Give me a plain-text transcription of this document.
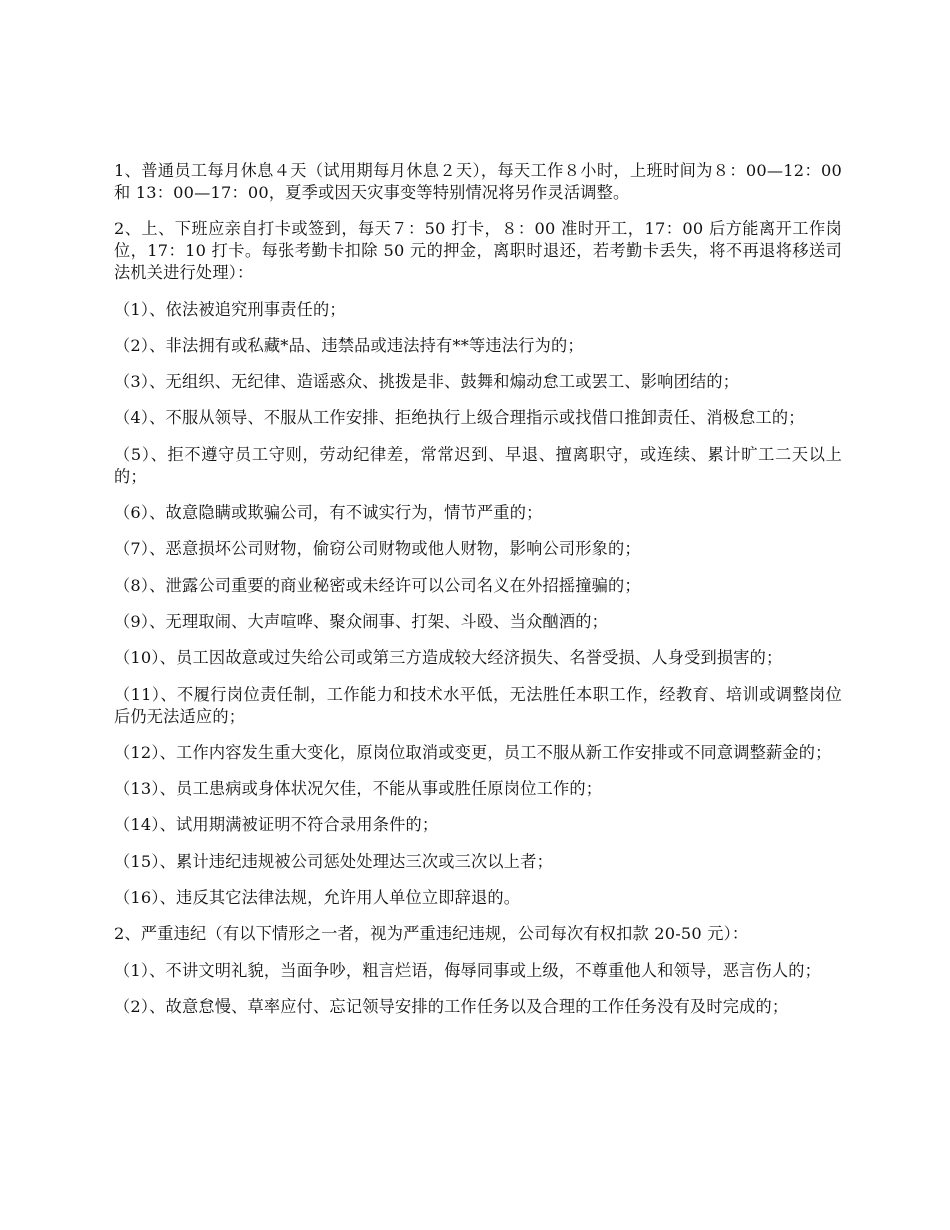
1、普通员工每月休息４天（试用期每月休息２天），每天工作８小时，上班时间为８：00—12：00 和 13：00—17：00，夏季或因天灾事变等特别情况将另作灵活调整。

2、上、下班应亲自打卡或签到，每天７：50 打卡，８：00 准时开工，17：00 后方能离开工作岗位，17：10 打卡。每张考勤卡扣除 50 元的押金，离职时退还，若考勤卡丢失，将不再退将移送司法机关进行处理）：

（1）、依法被追究刑事责任的；

（2）、非法拥有或私藏*品、违禁品或违法持有**等违法行为的；

（3）、无组织、无纪律、造谣惑众、挑拨是非、鼓舞和煽动怠工或罢工、影响团结的；

（4）、不服从领导、不服从工作安排、拒绝执行上级合理指示或找借口推卸责任、消极怠工的；

（5）、拒不遵守员工守则，劳动纪律差，常常迟到、早退、擅离职守，或连续、累计旷工二天以上的；

（6）、故意隐瞒或欺骗公司，有不诚实行为，情节严重的；

（7）、恶意损坏公司财物，偷窃公司财物或他人财物，影响公司形象的；

（8）、泄露公司重要的商业秘密或未经许可以公司名义在外招摇撞骗的；

（9）、无理取闹、大声喧哗、聚众闹事、打架、斗殴、当众酗酒的；

（10）、员工因故意或过失给公司或第三方造成较大经济损失、名誉受损、人身受到损害的；

（11）、不履行岗位责任制，工作能力和技术水平低，无法胜任本职工作，经教育、培训或调整岗位后仍无法适应的；

（12）、工作内容发生重大变化，原岗位取消或变更，员工不服从新工作安排或不同意调整薪金的；

（13）、员工患病或身体状况欠佳，不能从事或胜任原岗位工作的；

（14）、试用期满被证明不符合录用条件的；

（15）、累计违纪违规被公司惩处处理达三次或三次以上者；

（16）、违反其它法律法规，允许用人单位立即辞退的。

2、严重违纪（有以下情形之一者，视为严重违纪违规，公司每次有权扣款 20-50 元）：

（1）、不讲文明礼貌，当面争吵，粗言烂语，侮辱同事或上级，不尊重他人和领导，恶言伤人的；

（2）、故意怠慢、草率应付、忘记领导安排的工作任务以及合理的工作任务没有及时完成的；
